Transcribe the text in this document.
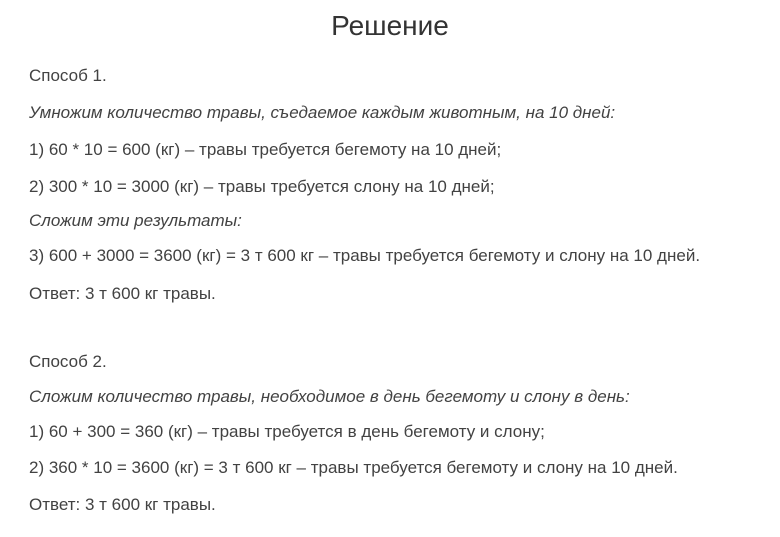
Решение

Способ 1.

Умножим количество травы, съедаемое каждым животным, на 10 дней:

1) 60 * 10 = 600 (кг) – травы требуется бегемоту на 10 дней;

2) 300 * 10 = 3000 (кг) – травы требуется слону на 10 дней;

Сложим эти результаты:

3) 600 + 3000 = 3600 (кг) = 3 т 600 кг – травы требуется бегемоту и слону на 10 дней.

Ответ: 3 т 600 кг травы.

Способ 2.

Сложим количество травы, необходимое в день бегемоту и слону в день:

1) 60 + 300 = 360 (кг) – травы требуется в день бегемоту и слону;

2) 360 * 10 = 3600 (кг) = 3 т 600 кг – травы требуется бегемоту и слону на 10 дней.

Ответ: 3 т 600 кг травы.
